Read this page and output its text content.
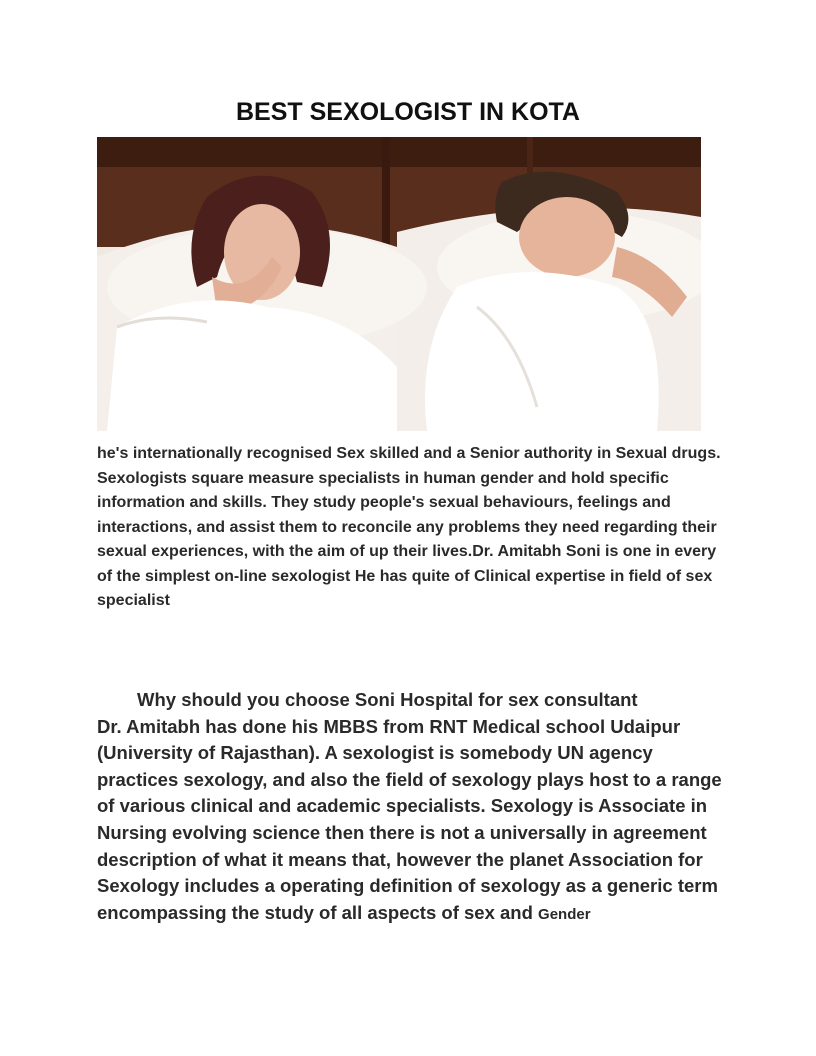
BEST SEXOLOGIST IN KOTA

he's internationally recognised Sex skilled and a Senior authority in Sexual drugs.

Sexologists square measure specialists in human gender and hold specific information and skills. They study people's sexual behaviours, feelings and interactions, and assist them to reconcile any problems they need regarding their sexual experiences, with the aim of up their lives.Dr. Amitabh Soni is one in every of the simplest on-line sexologist He has quite of Clinical expertise in field of sex specialist

Why should you choose Soni Hospital for sex consultant

Dr. Amitabh has done his MBBS from RNT Medical school Udaipur (University of Rajasthan). A sexologist is somebody UN agency practices sexology, and also the field of sexology plays host to a range of various clinical and academic specialists. Sexology is Associate in Nursing evolving science then there is not a universally in agreement description of what it means that, however the planet Association for Sexology includes a operating definition of sexology as a generic term encompassing the study of all aspects of sex and Gender
